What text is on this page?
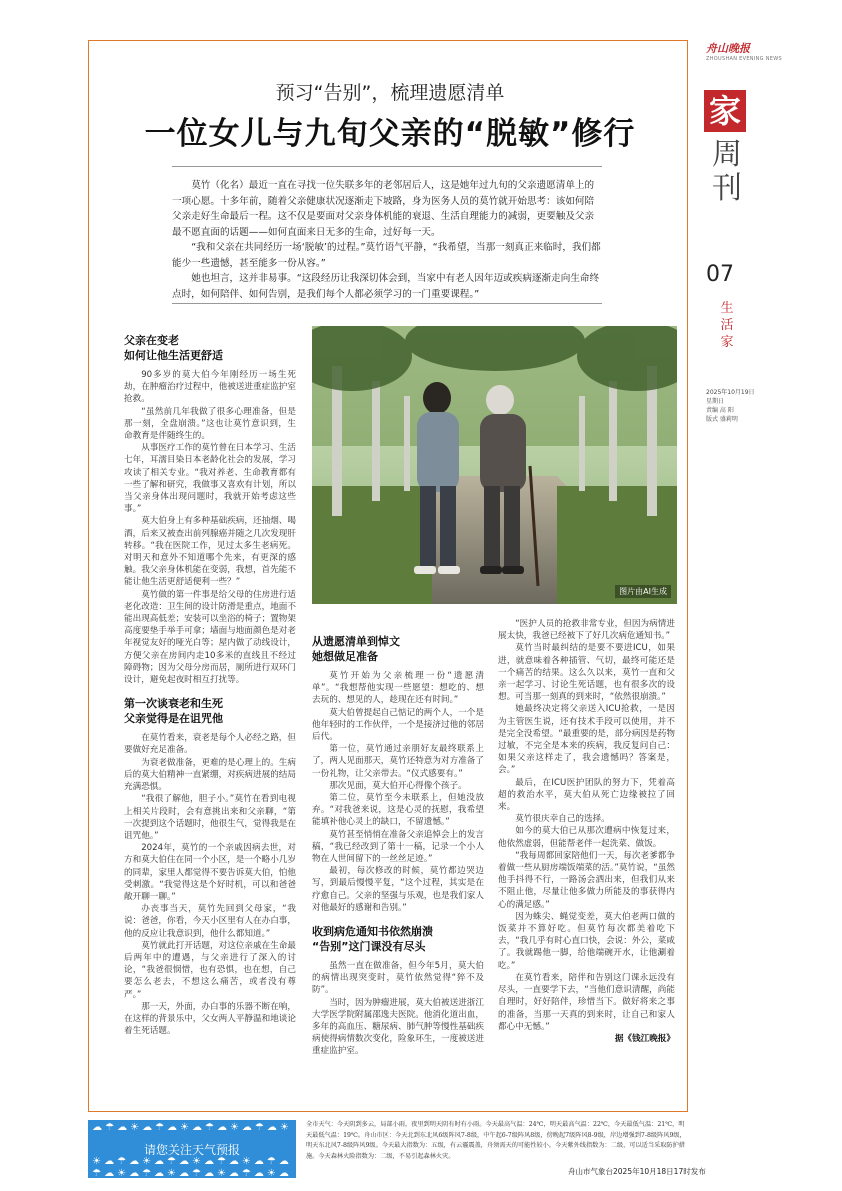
舟山晚报
ZHOUSHAN EVENING NEWS
家
周刊
07
生活家
2025年10月19日
星期日
责编 高 阳
版式 盛莉明
预习“告别”，梳理遗愿清单
一位女儿与九旬父亲的“脱敏”修行

莫竹（化名）最近一直在寻找一位失联多年的老邻居后人，这是她年过九旬的父亲遗愿清单上的一项心愿。十多年前，随着父亲健康状况逐渐走下坡路，身为医务人员的莫竹就开始思考：该如何陪父亲走好生命最后一程。这不仅是要面对父亲身体机能的衰退、生活自理能力的减弱，更要触及父亲最不愿直面的话题——如何直面来日无多的生命，过好每一天。

“我和父亲在共同经历一场‘脱敏’的过程。”莫竹语气平静，“我希望，当那一刻真正来临时，我们都能少一些遗憾，甚至能多一份从容。”

她也坦言，这并非易事。“这段经历让我深切体会到，当家中有老人因年迈或疾病逐渐走向生命终点时，如何陪伴、如何告别，是我们每个人都必须学习的一门重要课程。”

父亲在变老
如何让他生活更舒适

90多岁的莫大伯今年刚经历一场生死劫，在肿瘤治疗过程中，他被送进重症监护室抢救。

“虽然前几年我做了很多心理准备，但是那一刻，全盘崩溃。”这也让莫竹意识到，生命教育是伴随终生的。

从事医疗工作的莫竹曾在日本学习、生活七年，耳濡目染日本老龄化社会的发展，学习攻读了相关专业。“我对养老、生命教育都有一些了解和研究，我做事又喜欢有计划，所以当父亲身体出现问题时，我就开始考虑这些事。”

莫大伯身上有多种基础疾病，还抽烟、喝酒，后来又被查出前列腺癌并随之几次发现肝转移。“我在医院工作，见过太多生老病死。对明天和意外不知道哪个先来，有更深的感触。我父亲身体机能在变弱，我想，首先能不能让他生活更舒适便利一些？”

莫竹做的第一件事是给父母的住房进行适老化改造：卫生间的设计防滑是重点，地面不能出现高低差；安装可以坐浴的椅子；置物架高度要垫手举手可拿；墙面与地面颜色是对老年视觉友好的哑光白等；屋内做了动线设计，方便父亲在房间内走10多米的直线且不经过障碍物；因为父母分房而居，厕所进行双环门设计，避免起夜时相互打扰等。

第一次谈衰老和生死
父亲觉得是在诅咒他

在莫竹看来，衰老是每个人必经之路，但要做好充足准备。

为衰老做准备，更难的是心理上的。生病后的莫大伯精神一直紧绷，对疾病进展的结局充满恐惧。

“我很了解他，胆子小。”莫竹在看到电视上相关片段时，会有意挑出来和父亲聊，“第一次提到这个话题时，他很生气，觉得我是在诅咒他。”

2024年，莫竹的一个亲戚因病去世，对方和莫大伯住在同一个小区，是一个略小几岁的同辈，家里人都觉得不要告诉莫大伯，怕他受刺激。“我觉得这是个好时机，可以和爸爸敞开聊一聊。”

办丧事当天，莫竹先回到父母家，“我说：爸爸，你看，今天小区里有人在办白事，他的反应让我意识到，他什么都知道。”

莫竹就此打开话题，对这位亲戚在生命最后两年中的遭遇，与父亲进行了深入的讨论，“我爸很悯惜，也有恐惧，也在想，自己要怎么老去，不想这么痛苦，或者没有尊严。”

那一天，外面，办白事的乐器不断在响，在这样的背景乐中，父女两人平静温和地谈论着生死话题。

图片由AI生成
从遗愿清单到悼文
她想做足准备

莫竹开始为父亲梳理一份“遗愿清单”。“我想帮他实现一些愿望：想吃的、想去玩的、想见的人，趁现在还有时间。”

莫大伯曾提起自己惦记的两个人，一个是他年轻时的工作伙伴，一个是接济过他的邻居后代。

第一位，莫竹通过亲朋好友最终联系上了，两人见面那天，莫竹还特意为对方准备了一份礼物，让父亲带去。“仪式感要有。”

那次见面，莫大伯开心得像个孩子。

第二位，莫竹至今未联系上，但她没放弃。“对我爸来说，这是心灵的抚慰，我希望能填补他心灵上的缺口，不留遗憾。”

莫竹甚至悄悄在准备父亲追悼会上的发言稿，“我已经改到了第十一稿，记录一个小人物在人世间留下的一丝丝足迹。”

最初，每次修改的时候，莫竹都边哭边写，到最后慢慢平复，“这个过程，其实是在疗愈自己。父亲的坚强与乐观，也是我们家人对他最好的感谢和告别。”

收到病危通知书依然崩溃
“告别”这门课没有尽头

虽然一直在做准备，但今年5月，莫大伯的病情出现突变时，莫竹依然觉得“猝不及防”。

当时，因为肿瘤进展，莫大伯被送进浙江大学医学院附属邵逸夫医院。他消化道出血，多年的高血压、糖尿病、肺气肿等慢性基础疾病使得病情数次变化，险象环生，一度被送进重症监护室。

“医护人员的抢救非常专业，但因为病情进展太快，我爸已经被下了好几次病危通知书。”

莫竹当时最纠结的是要不要进ICU，如果进，就意味着各种插管、气切，最终可能还是一个痛苦的结果。这么久以来，莫竹一直和父亲一起学习、讨论生死话题，也有很多次的设想。可当那一刻真的到来时，“依然很崩溃。”

她最终决定将父亲送入ICU抢救，一是因为主管医生说，还有技术手段可以使用，并不是完全没希望。“最重要的是，部分病因是药物过敏，不完全是本来的疾病，我反复问自己：如果父亲这样走了，我会遗憾吗？答案是，会。”

最后，在ICU医护团队的努力下，凭着高超的救治水平，莫大伯从死亡边缘被拉了回来。

莫竹很庆幸自己的选择。

如今的莫大伯已从那次遭病中恢复过来，他依然虚弱，但能帮老伴一起洗菜、做饭。

“我每周都回家陪他们一天，每次老爹都争着做一些从厨房端饭端菜的活。”莫竹说，“虽然他手抖得不行，一路汤会洒出来，但我们从来不阻止他，尽量让他多做力所能及的事获得内心的满足感。”

因为蛛尖、蝇觉变差，莫大伯老两口做的饭菜并不算好吃。但莫竹每次都美着吃下去，“我几乎有时心直口快，会说：外公，菜咸了。我就踢他一脚，给他端碗开水，让他涮着吃。”

在莫竹看来，陪伴和告别这门课永远没有尽头，一直要学下去，“当他们意识清醒，尚能自理时，好好陪伴，珍惜当下。做好将来之事的准备，当那一天真的到来时，让自己和家人都心中无憾。”

据《钱江晚报》
☁☂☁☀☁☂☁☀☁☂☁☀☁☂☁☀
请您关注天气预报
☀☁☂☁☀☁☂☁☀☁☂☁☀☁☂☁
☂☁☀☁☂☁☀☁☂☁☀☁☂☁☀☁
全市天气：今天阴到多云，局部小雨，夜里到明天阴有时有小雨。今天最高气温：24℃，明天最高气温：22℃，今天最低气温：21℃，明天最低气温：19℃。舟山市区：今天北到东北风6级阵风7-8级，中午起6-7级阵风8级，傍晚起7级阵风8-9级，岸边增强到7-8级阵风9级，明天东北风7-8级阵风9级。今天最大指数为：五级，有云霾震盖，舟须需天的可能性较小。今天紫外线指数为：二级，可以适当采取防护措施。今天森林火险指数为：二级，不易引起森林火灾。
舟山市气象台2025年10月18日17时发布
